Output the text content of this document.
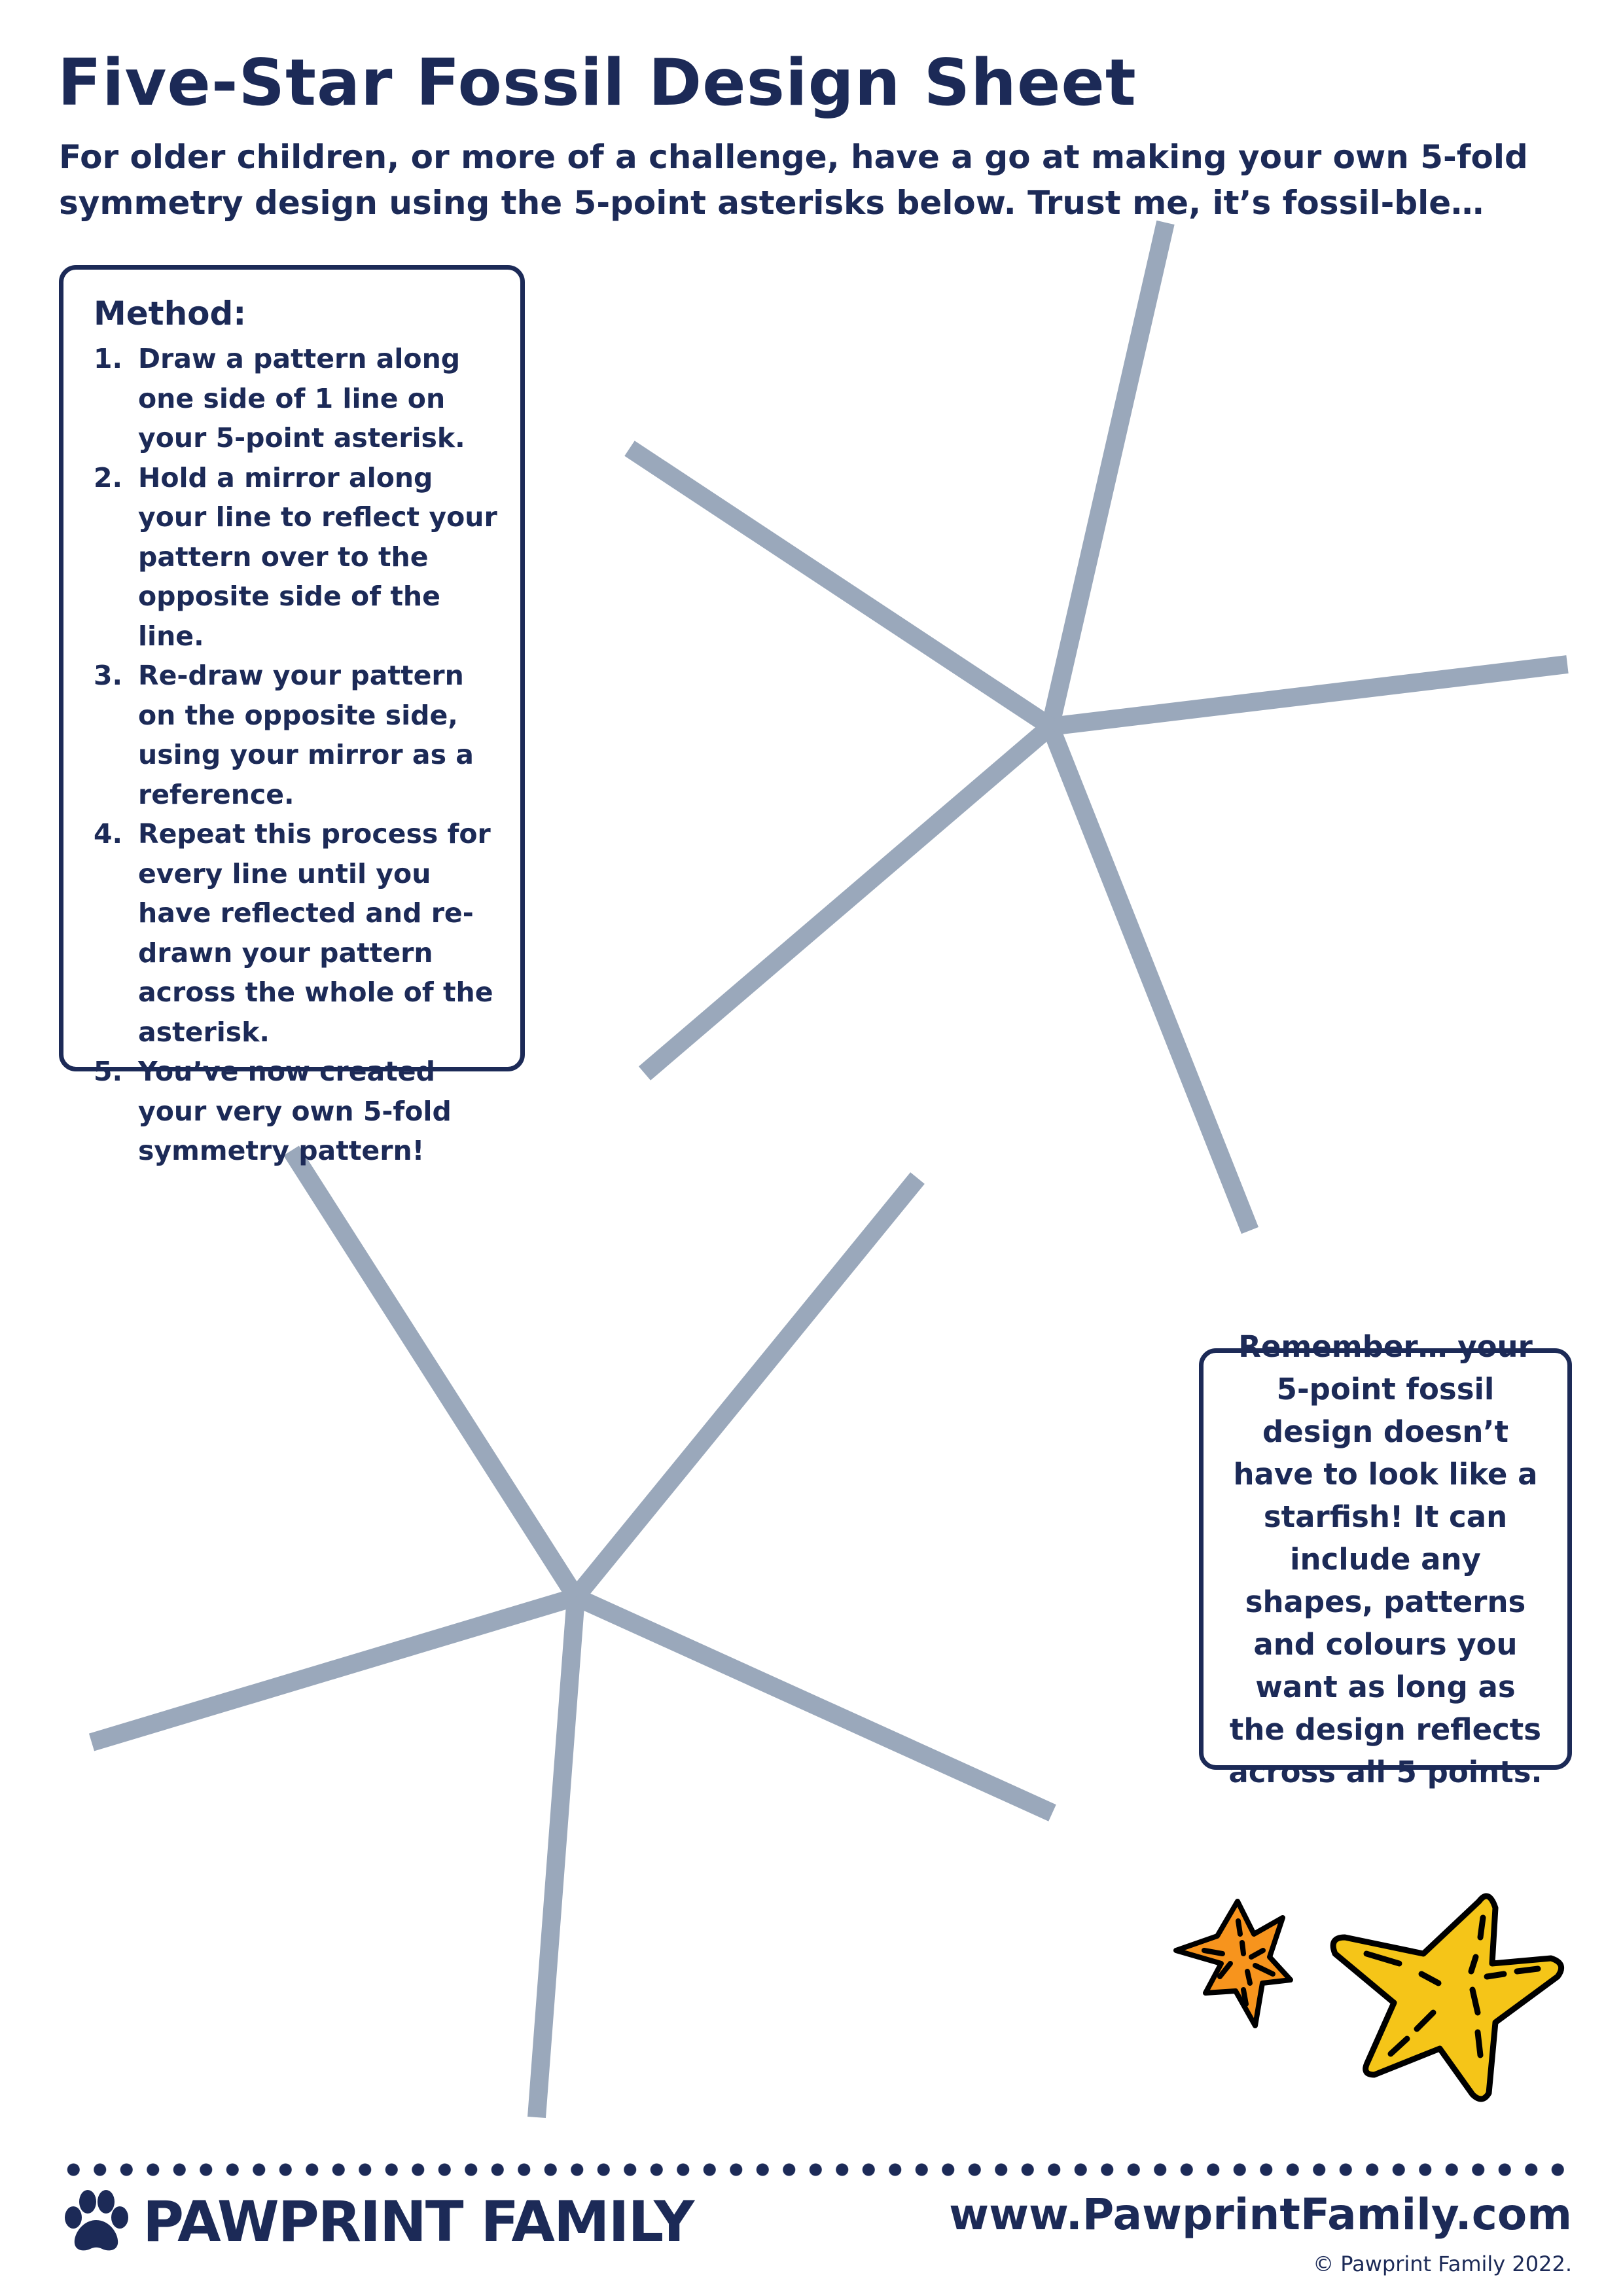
Five-Star Fossil Design Sheet

For older children, or more of a challenge, have a go at making your own 5-fold symmetry design using the 5-point asterisks below. Trust me, it’s fossil-ble…

Method:
1. Draw a pattern along one side of 1 line on your 5-point asterisk.
2. Hold a mirror along your line to reflect your pattern over to the opposite side of the line.
3. Re-draw your pattern on the opposite side, using your mirror as a reference.
4. Repeat this process for every line until you have reflected and re-drawn your pattern across the whole of the asterisk.
5. You’ve now created your very own 5-fold symmetry pattern!
Remember… your 5-point fossil design doesn’t have to look like a starfish! It can include any shapes, patterns and colours you want as long as the design reflects across all 5 points.
PAWPRINT FAMILY	www.PawprintFamily.com
© Pawprint Family 2022.
